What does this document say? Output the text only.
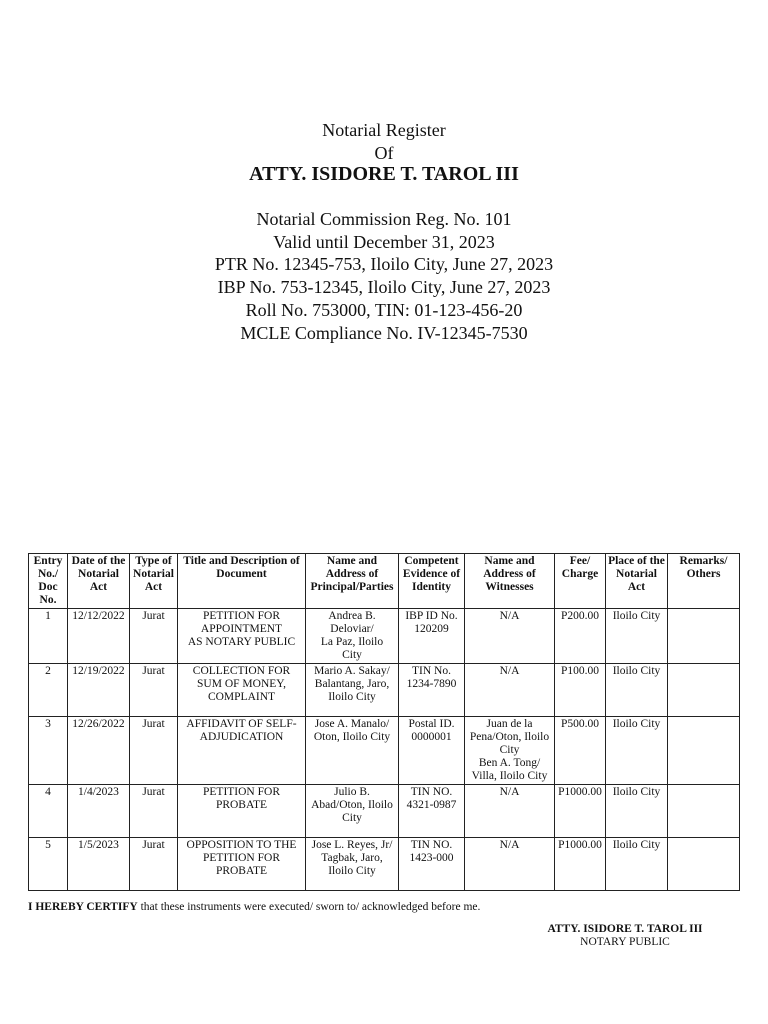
Notarial Register
Of
ATTY. ISIDORE T. TAROL III
Notarial Commission Reg. No. 101
Valid until December 31, 2023
PTR No. 12345-753, Iloilo City, June 27, 2023
IBP No. 753-12345, Iloilo City, June 27, 2023
Roll No. 753000, TIN: 01-123-456-20
MCLE Compliance No. IV-12345-7530
Entry No./ Doc No.	Date of the Notarial Act	Type of Notarial Act	Title and Description of Document	Name and Address of Principal/Parties	Competent Evidence of Identity	Name and Address of Witnesses	Fee/ Charge	Place of the Notarial Act	Remarks/ Others
1	12/12/2022	Jurat	PETITION FOR
APPOINTMENT
AS NOTARY PUBLIC	Andrea B.
Deloviar/
La Paz, Iloilo
City	IBP ID No.
120209	N/A	P200.00	Iloilo City	
2	12/19/2022	Jurat	COLLECTION FOR
SUM OF MONEY,
COMPLAINT	Mario A. Sakay/
Balantang, Jaro,
Iloilo City	TIN No.
1234-7890	N/A	P100.00	Iloilo City	
3	12/26/2022	Jurat	AFFIDAVIT OF SELF-
ADJUDICATION	Jose A. Manalo/
Oton, Iloilo City	Postal ID.
0000001	Juan de la
Pena/Oton, Iloilo
City
Ben A. Tong/
Villa, Iloilo City	P500.00	Iloilo City	
4	1/4/2023	Jurat	PETITION FOR
PROBATE	Julio B.
Abad/Oton, Iloilo
City	TIN NO.
4321-0987	N/A	P1000.00	Iloilo City	
5	1/5/2023	Jurat	OPPOSITION TO THE
PETITION FOR
PROBATE	Jose L. Reyes, Jr/
Tagbak, Jaro,
Iloilo City	TIN NO.
1423-000	N/A	P1000.00	Iloilo City	
I HEREBY CERTIFY that these instruments were executed/ sworn to/ acknowledged before me.
ATTY. ISIDORE T. TAROL III
NOTARY PUBLIC
